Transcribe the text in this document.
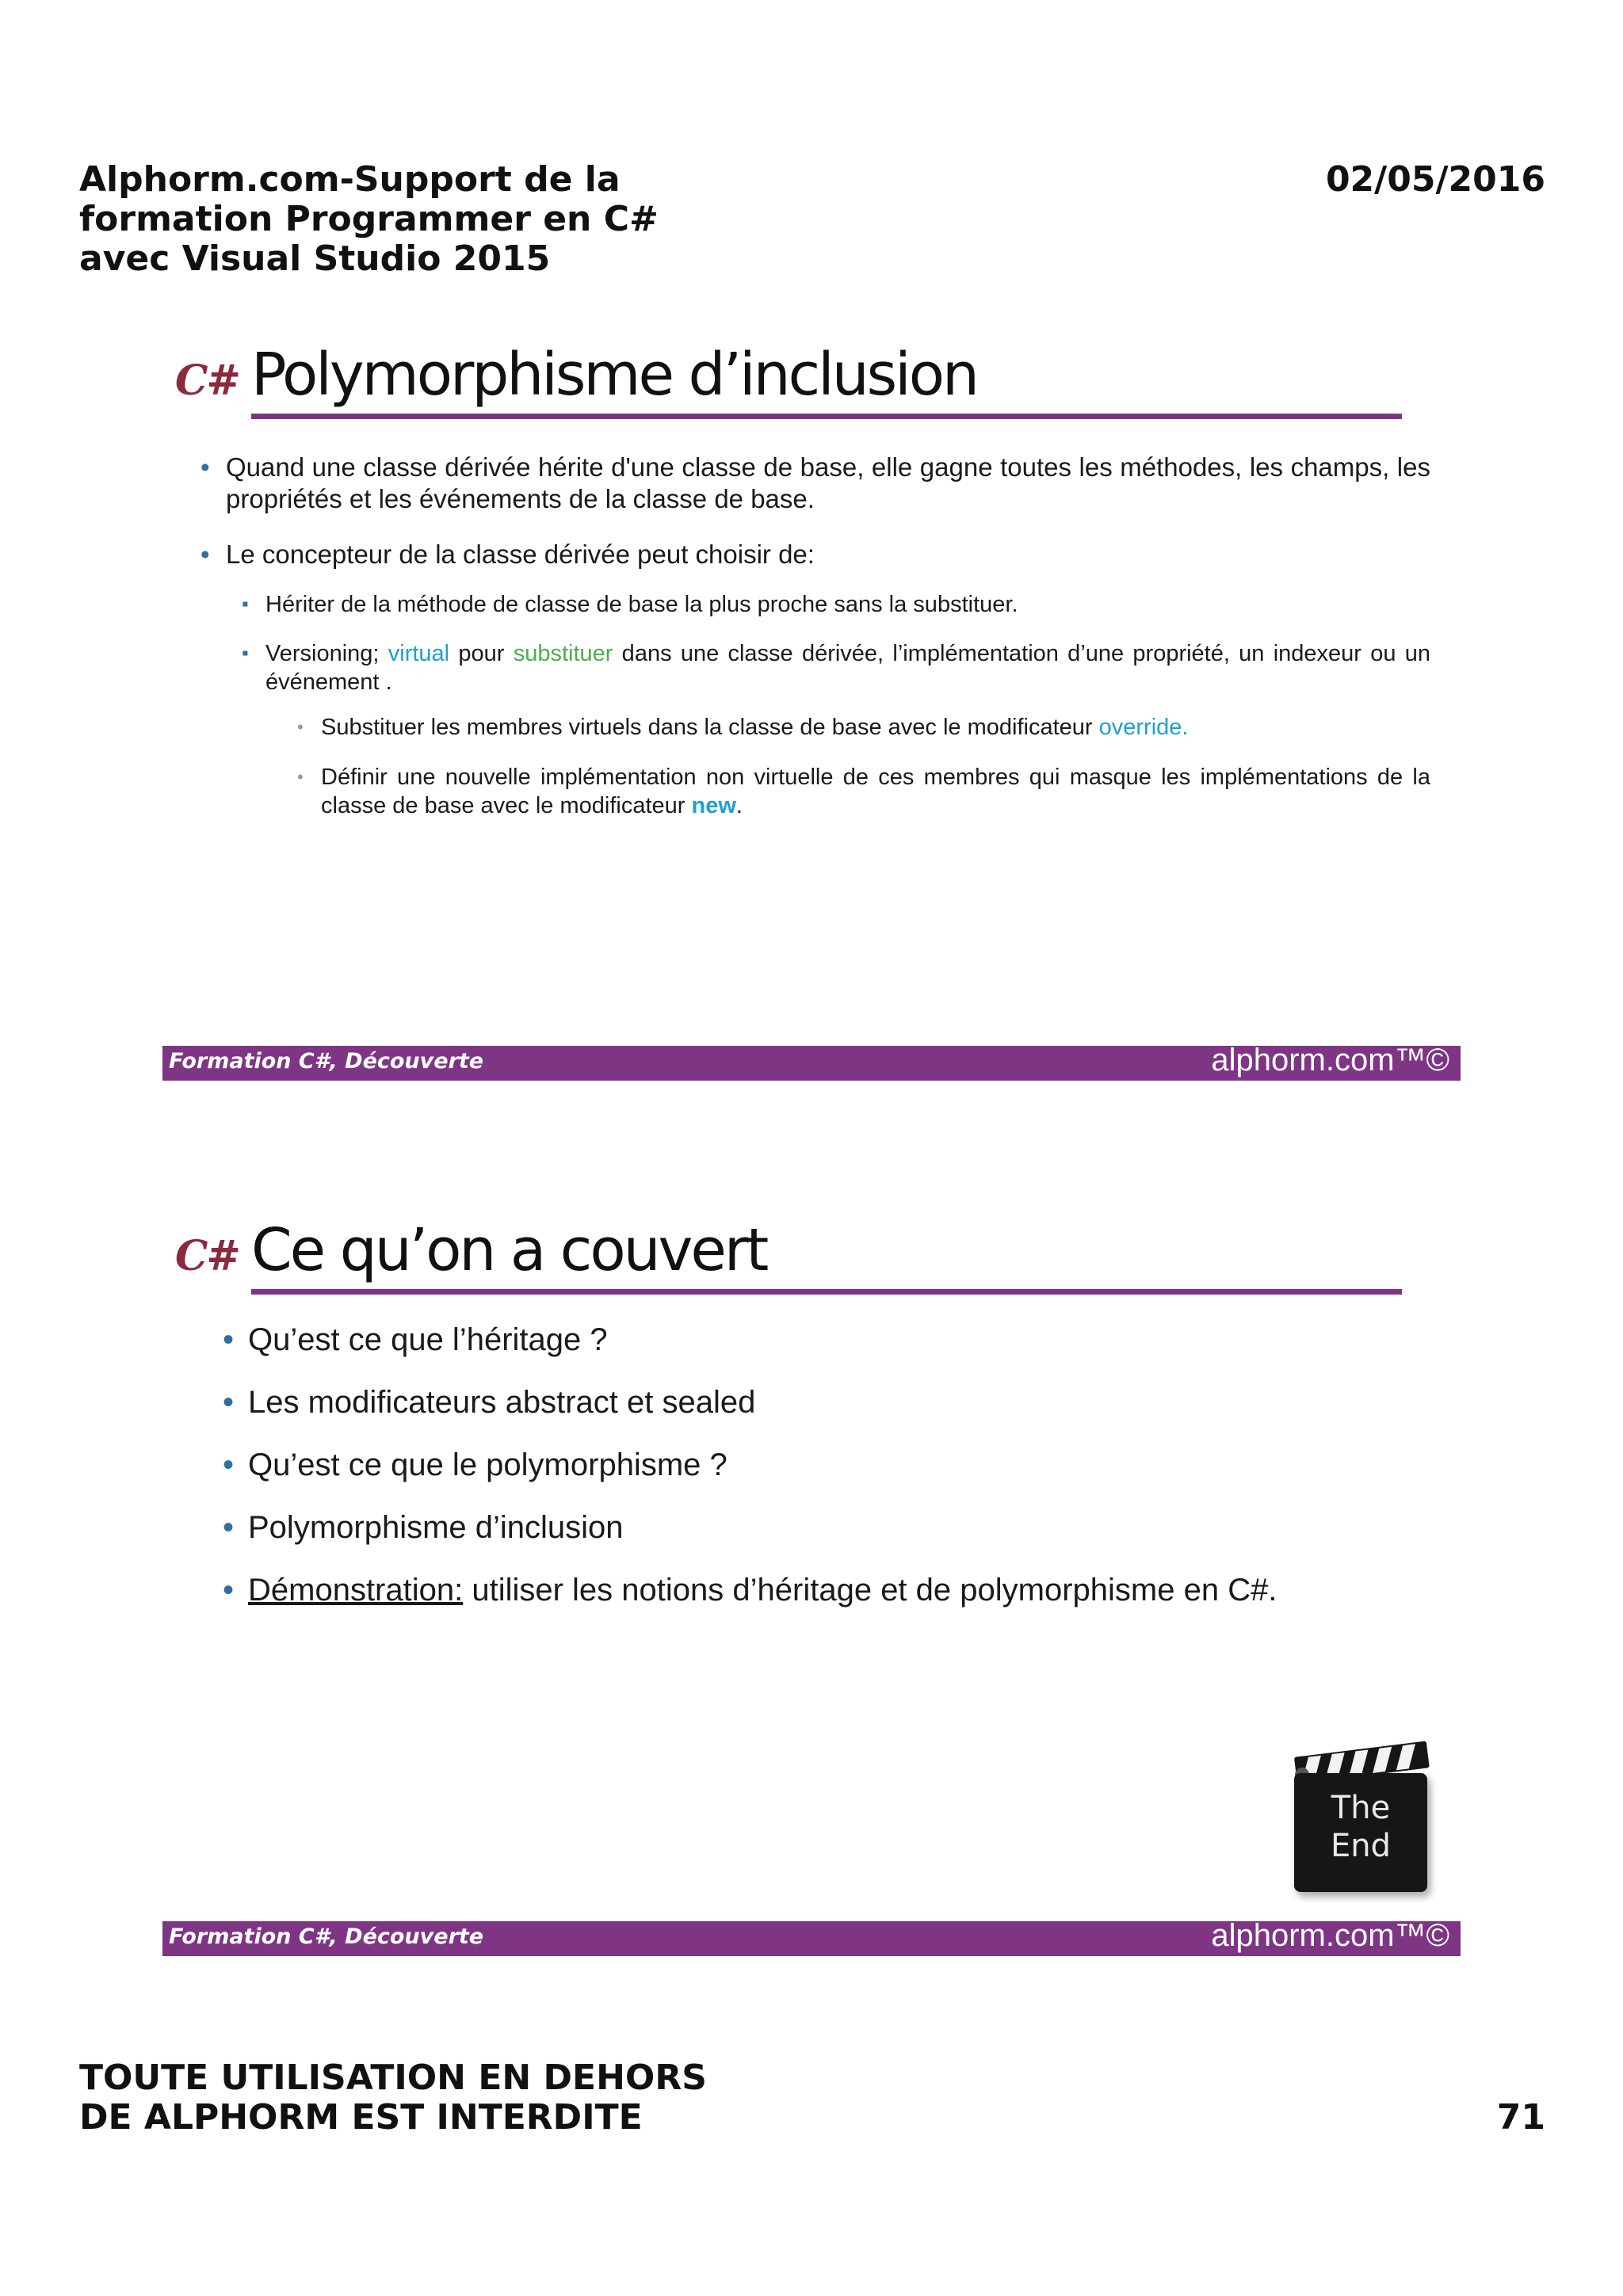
Alphorm.com-Support de la
formation Programmer en C#
avec Visual Studio 2015
02/05/2016
C# Polymorphisme d’inclusion
• Quand une classe dérivée hérite d'une classe de base, elle gagne toutes les méthodes, les champs, les propriétés et les événements de la classe de base.
• Le concepteur de la classe dérivée peut choisir de:
▪ Hériter de la méthode de classe de base la plus proche sans la substituer.
▪ Versioning; virtual pour substituer dans une classe dérivée, l’implémentation d’une propriété, un indexeur ou un événement .
• Substituer les membres virtuels dans la classe de base avec le modificateur override.
• Définir une nouvelle implémentation non virtuelle de ces membres qui masque les implémentations de la classe de base avec le modificateur new.
Formation C#, Découverte	alphorm.com™©
C# Ce qu’on a couvert
• Qu’est ce que l’héritage ?
• Les modificateurs abstract et sealed
• Qu’est ce que le polymorphisme ?
• Polymorphisme d’inclusion
• Démonstration: utiliser les notions d’héritage et de polymorphisme en C#.
The
End
Formation C#, Découverte	alphorm.com™©
TOUTE UTILISATION EN DEHORS
DE ALPHORM EST INTERDITE	71
